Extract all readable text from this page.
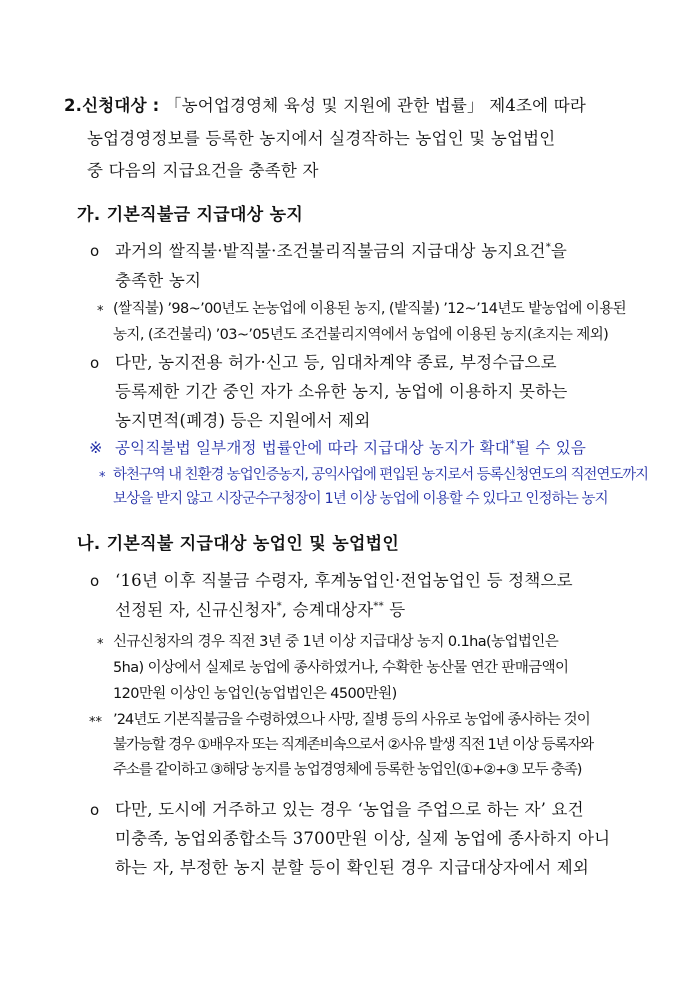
2.신청대상 : 「농어업경영체 육성 및 지원에 관한 법률」 제4조에 따라
농업경영정보를 등록한 농지에서 실경작하는 농업인 및 농업법인
중 다음의 지급요건을 충족한 자
가. 기본직불금 지급대상 농지
o 과거의 쌀직불·밭직불·조건불리직불금의 지급대상 농지요건*을
충족한 농지
* (쌀직불) ’98~’00년도 논농업에 이용된 농지, (밭직불) ’12~’14년도 밭농업에 이용된
농지, (조건불리) ’03~’05년도 조건불리지역에서 농업에 이용된 농지(초지는 제외)
o 다만, 농지전용 허가·신고 등, 임대차계약 종료, 부정수급으로
등록제한 기간 중인 자가 소유한 농지, 농업에 이용하지 못하는
농지면적(폐경) 등은 지원에서 제외
※ 공익직불법 일부개정 법률안에 따라 지급대상 농지가 확대*될 수 있음
* 하천구역 내 친환경 농업인증농지, 공익사업에 편입된 농지로서 등록신청연도의 직전연도까지
보상을 받지 않고 시장군수구청장이 1년 이상 농업에 이용할 수 있다고 인정하는 농지
나. 기본직불 지급대상 농업인 및 농업법인
o ‘16년 이후 직불금 수령자, 후계농업인·전업농업인 등 정책으로
선정된 자, 신규신청자*, 승계대상자** 등
* 신규신청자의 경우 직전 3년 중 1년 이상 지급대상 농지 0.1ha(농업법인은
5ha) 이상에서 실제로 농업에 종사하였거나, 수확한 농산물 연간 판매금액이
120만원 이상인 농업인(농업법인은 4500만원)
** ’24년도 기본직불금을 수령하였으나 사망, 질병 등의 사유로 농업에 종사하는 것이
불가능할 경우 ①배우자 또는 직계존비속으로서 ②사유 발생 직전 1년 이상 등록자와
주소를 같이하고 ③해당 농지를 농업경영체에 등록한 농업인(①+②+③ 모두 충족)
o 다만, 도시에 거주하고 있는 경우 ‘농업을 주업으로 하는 자’ 요건
미충족, 농업외종합소득 3700만원 이상, 실제 농업에 종사하지 아니
하는 자, 부정한 농지 분할 등이 확인된 경우 지급대상자에서 제외
